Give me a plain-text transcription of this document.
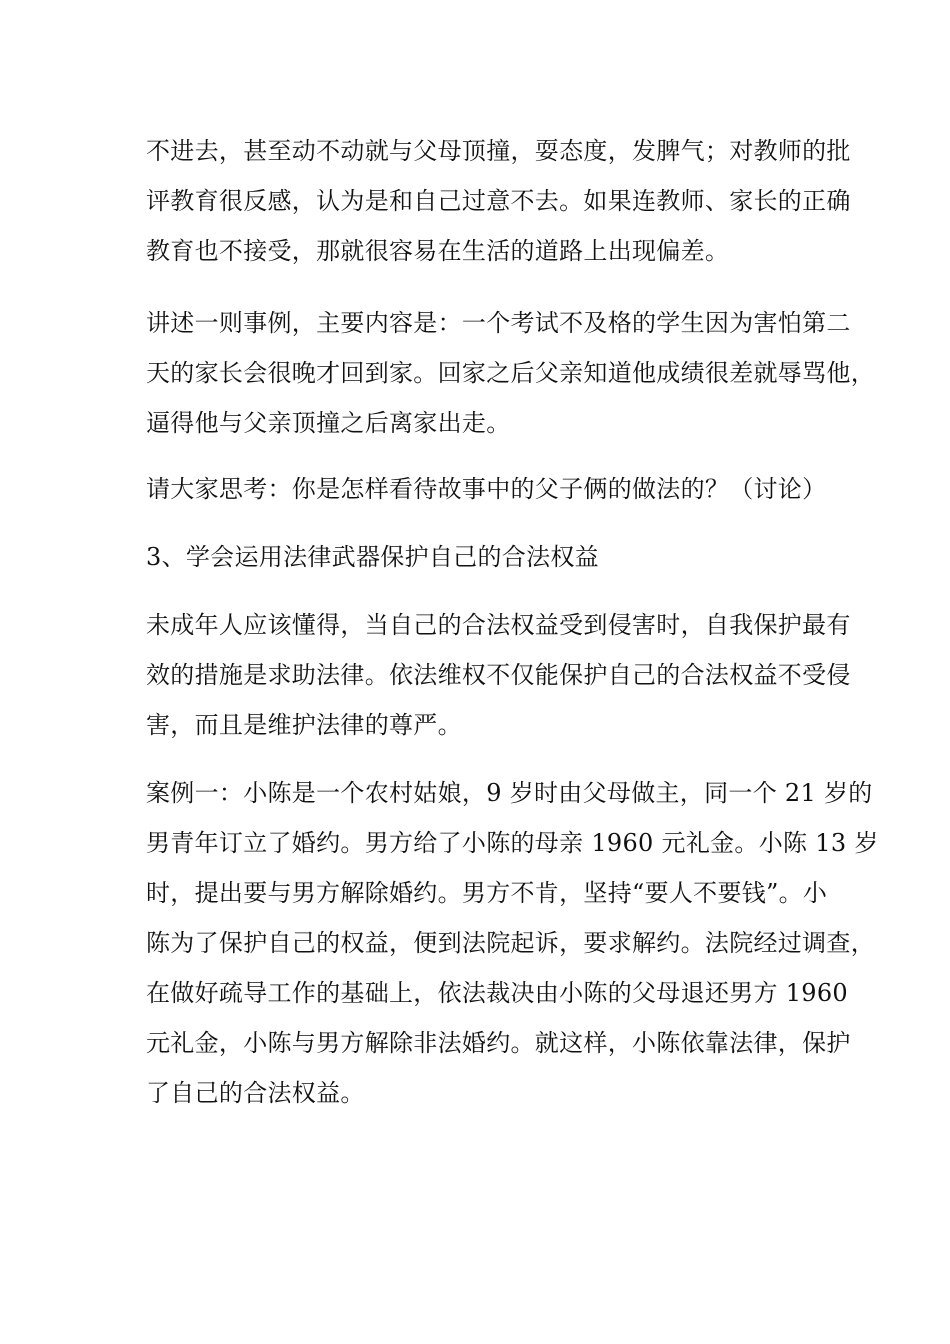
不进去，甚至动不动就与父母顶撞，耍态度，发脾气；对教师的批
评教育很反感，认为是和自己过意不去。如果连教师、家长的正确
教育也不接受，那就很容易在生活的道路上出现偏差。

讲述一则事例，主要内容是：一个考试不及格的学生因为害怕第二
天的家长会很晚才回到家。回家之后父亲知道他成绩很差就辱骂他，
逼得他与父亲顶撞之后离家出走。

请大家思考：你是怎样看待故事中的父子俩的做法的？（讨论）

3、学会运用法律武器保护自己的合法权益

未成年人应该懂得，当自己的合法权益受到侵害时，自我保护最有
效的措施是求助法律。依法维权不仅能保护自己的合法权益不受侵
害，而且是维护法律的尊严。

案例一：小陈是一个农村姑娘，9 岁时由父母做主，同一个 21 岁的
男青年订立了婚约。男方给了小陈的母亲 1960 元礼金。小陈 13 岁
时，提出要与男方解除婚约。男方不肯，坚持“要人不要钱”。小
陈为了保护自己的权益，便到法院起诉，要求解约。法院经过调查，
在做好疏导工作的基础上，依法裁决由小陈的父母退还男方 1960
元礼金，小陈与男方解除非法婚约。就这样，小陈依靠法律，保护
了自己的合法权益。
